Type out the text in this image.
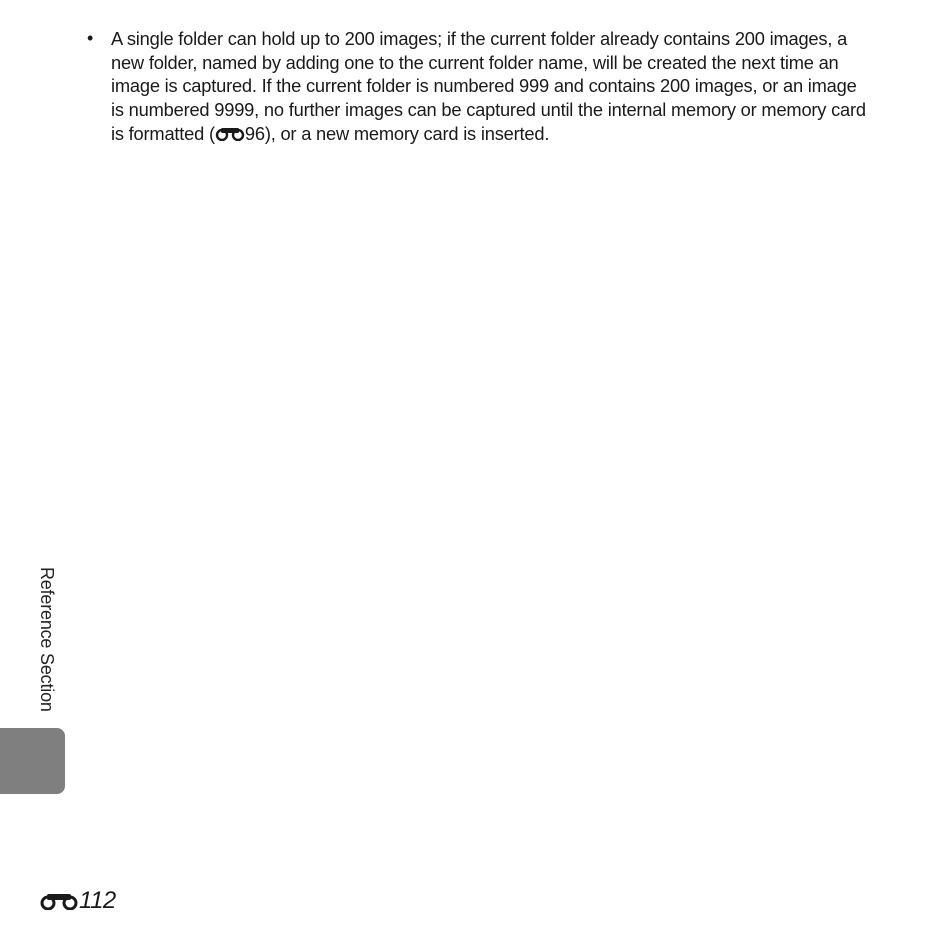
• A single folder can hold up to 200 images; if the current folder already contains 200 images, a new folder, named by adding one to the current folder name, will be created the next time an image is captured. If the current folder is numbered 999 and contains 200 images, or an image is numbered 9999, no further images can be captured until the internal memory or memory card is formatted ( 96), or a new memory card is inserted.
Reference Section
112
